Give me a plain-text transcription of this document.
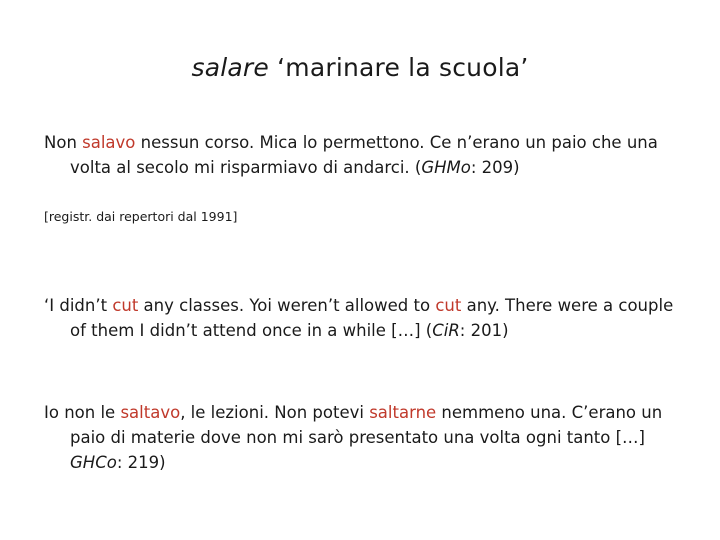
salare ‘marinare la scuola’
Non salavo nessun corso. Mica lo permettono. Ce n’erano un paio che una volta al secolo mi risparmiavo di andarci. (GHMo: 209)
[registr. dai repertori dal 1991]
‘I didn’t cut any classes. Yoi weren’t allowed to cut any. There were a couple of them I didn’t attend once in a while […] (CiR: 201)
Io non le saltavo, le lezioni. Non potevi saltarne nemmeno una. C’erano un paio di materie dove non mi sarò presentato una volta ogni tanto […] GHCo: 219)
